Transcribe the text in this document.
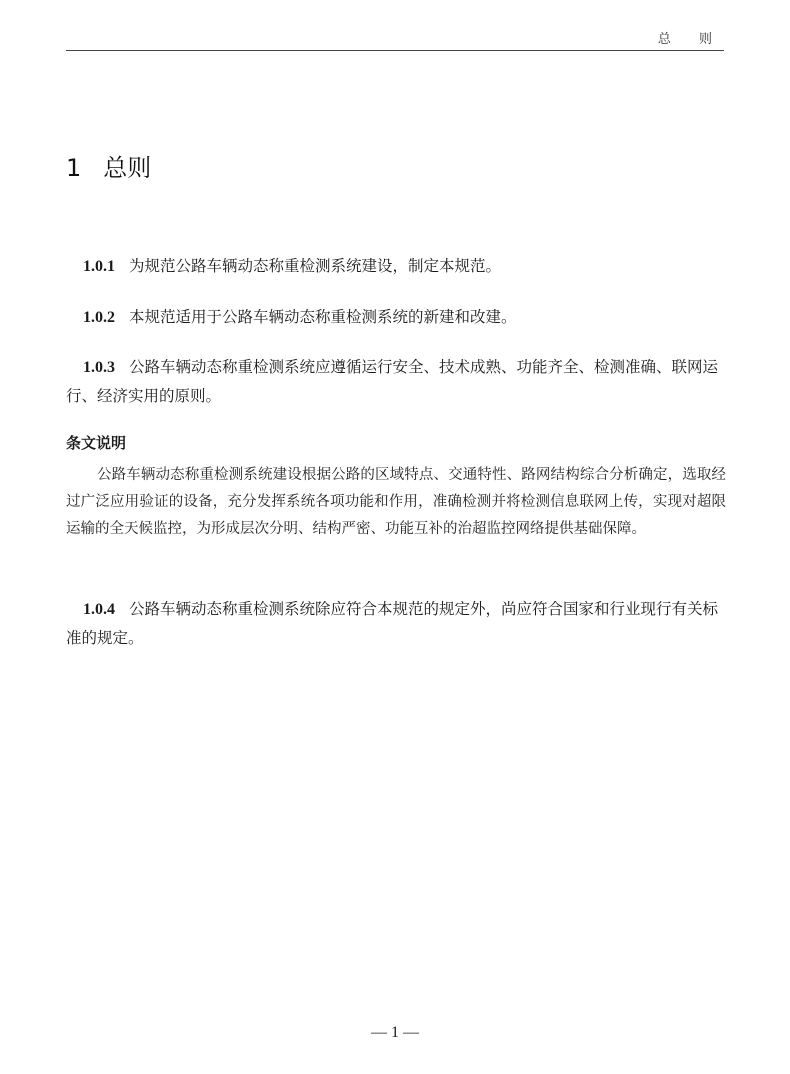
总 则
1 总则
1.0.1 为规范公路车辆动态称重检测系统建设，制定本规范。
1.0.2 本规范适用于公路车辆动态称重检测系统的新建和改建。
1.0.3 公路车辆动态称重检测系统应遵循运行安全、技术成熟、功能齐全、检测准确、联网运行、经济实用的原则。
条文说明
公路车辆动态称重检测系统建设根据公路的区域特点、交通特性、路网结构综合分析确定，选取经过广泛应用验证的设备，充分发挥系统各项功能和作用，准确检测并将检测信息联网上传，实现对超限运输的全天候监控，为形成层次分明、结构严密、功能互补的治超监控网络提供基础保障。
1.0.4 公路车辆动态称重检测系统除应符合本规范的规定外，尚应符合国家和行业现行有关标准的规定。
— 1 —
